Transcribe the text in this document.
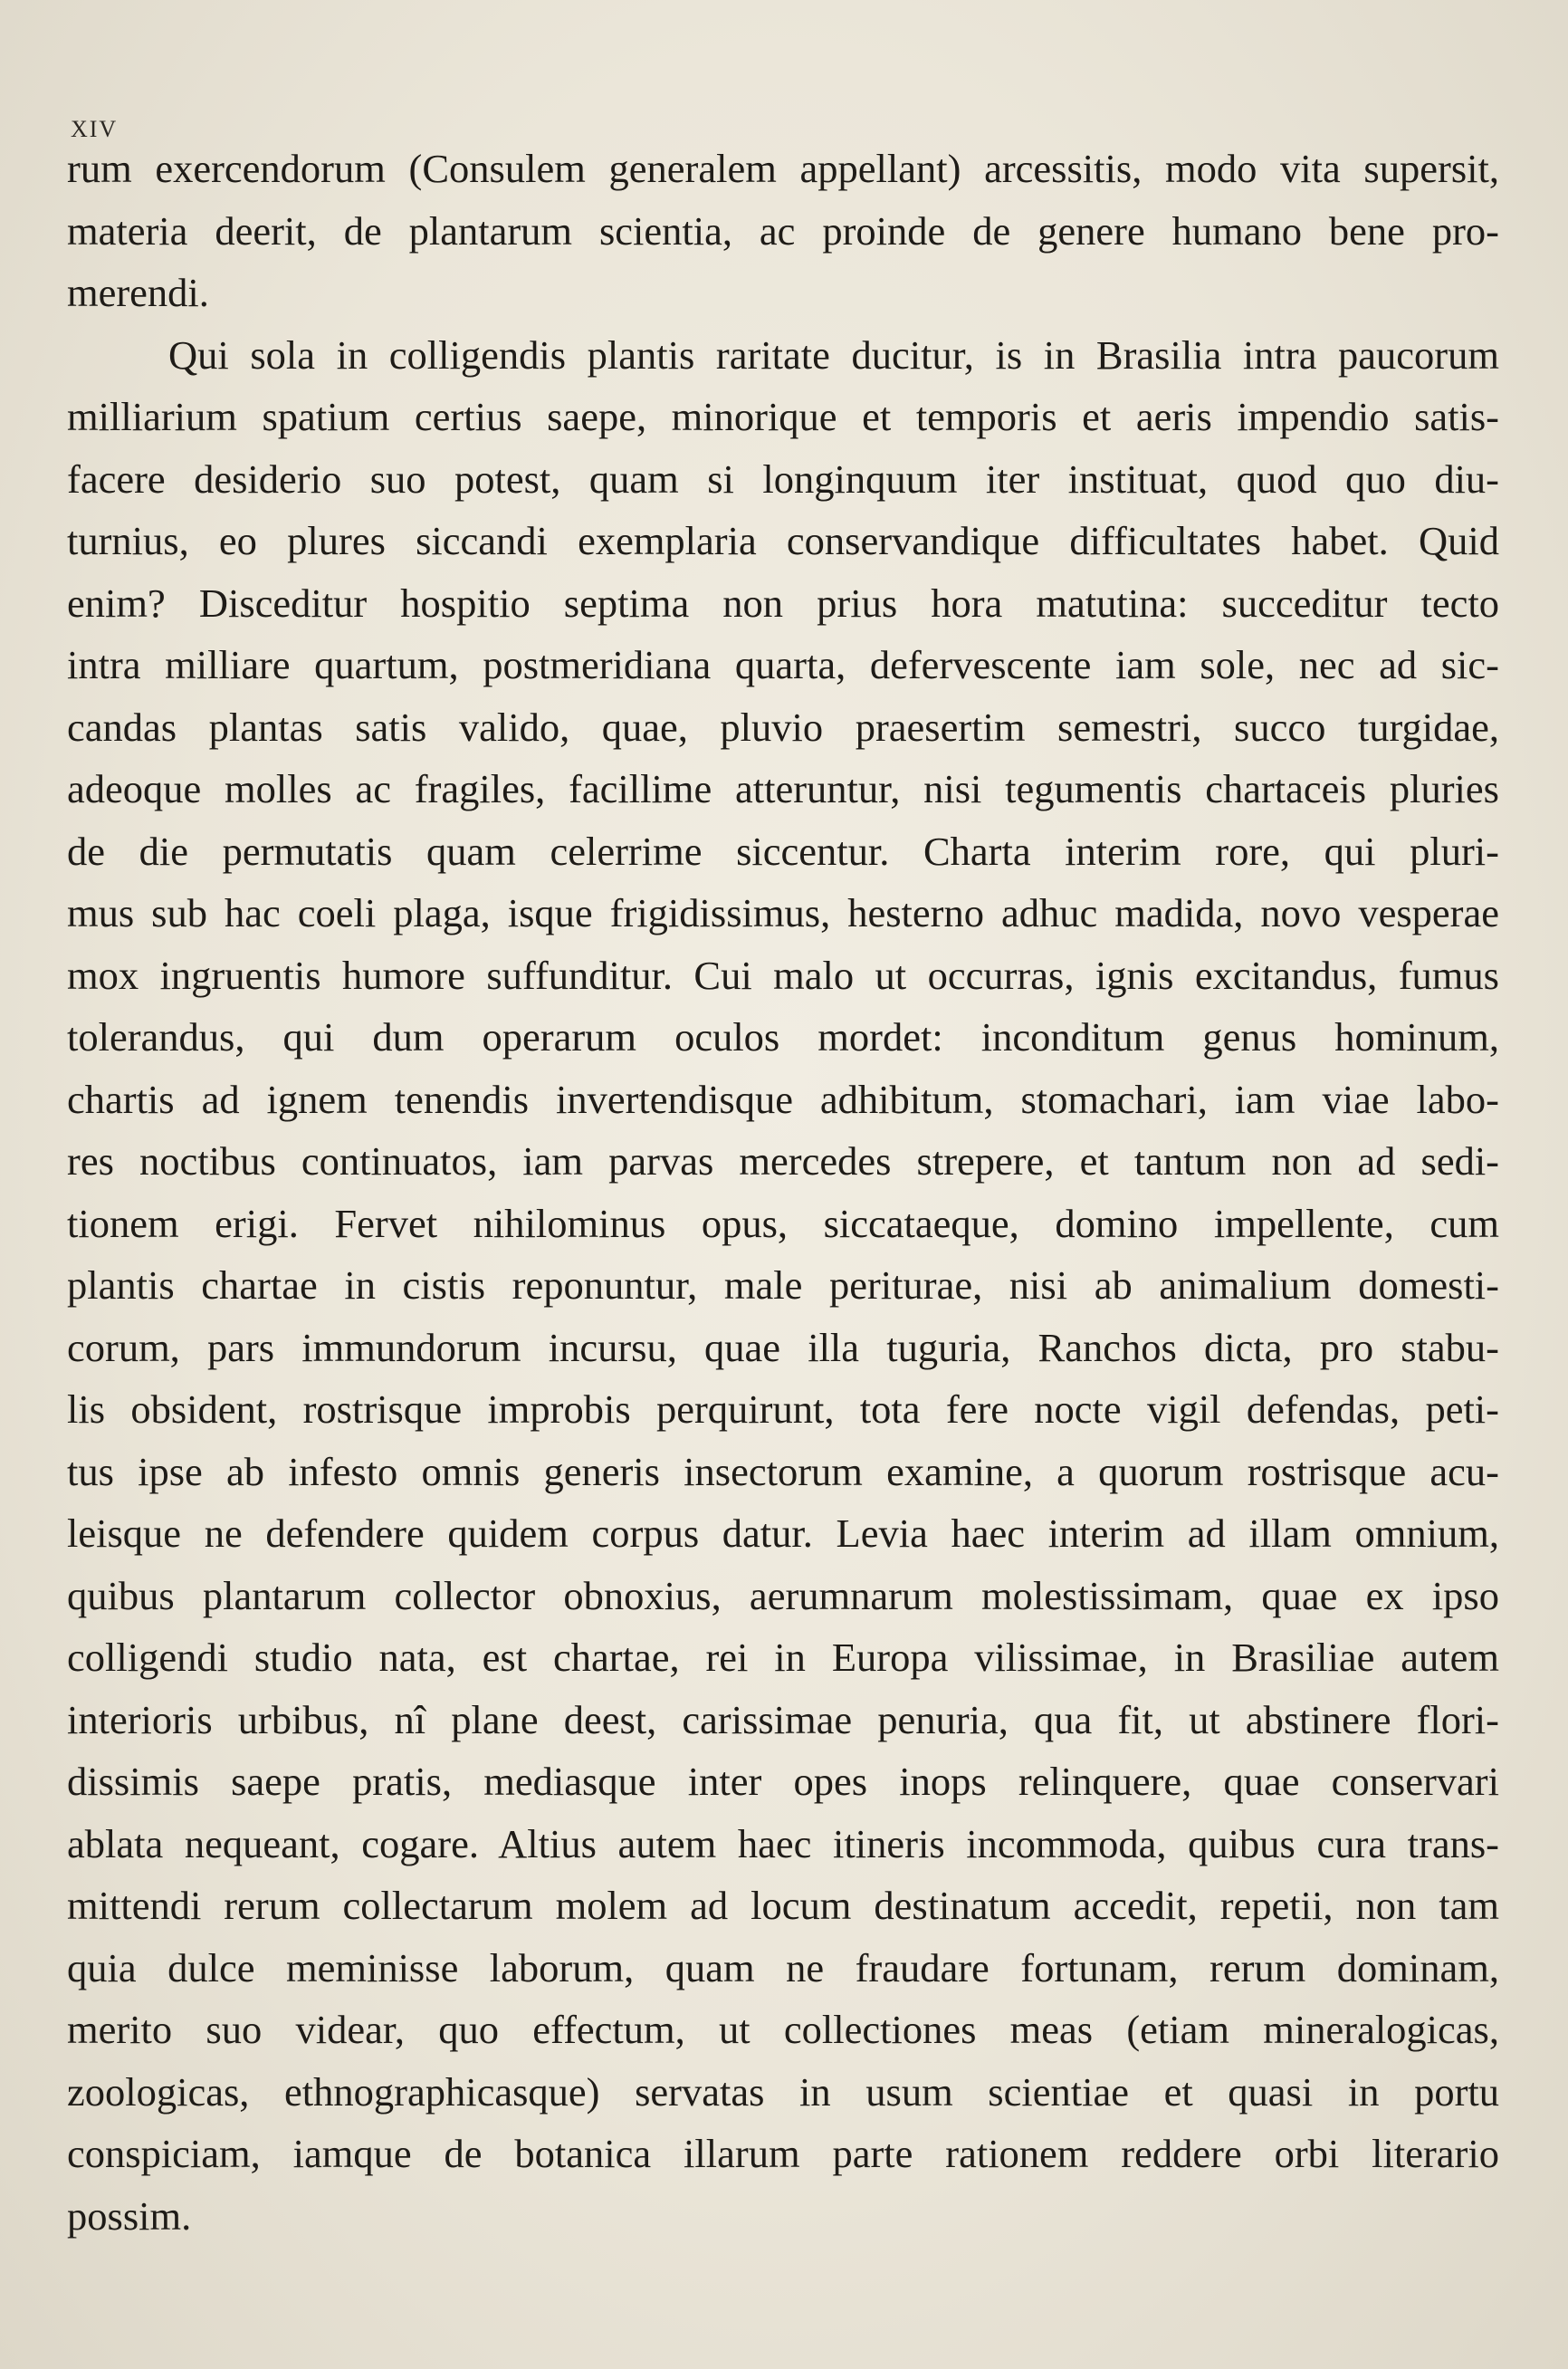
XIV
rum exercendorum (Consulem generalem appellant) arcessitis, modo vita supersit,
materia deerit, de plantarum scientia, ac proinde de genere humano bene pro-
merendi.
Qui sola in colligendis plantis raritate ducitur, is in Brasilia intra paucorum
milliarium spatium certius saepe, minorique et temporis et aeris impendio satis-
facere desiderio suo potest, quam si longinquum iter instituat, quod quo diu-
turnius, eo plures siccandi exemplaria conservandique difficultates habet. Quid
enim? Disceditur hospitio septima non prius hora matutina: succeditur tecto
intra milliare quartum, postmeridiana quarta, defervescente iam sole, nec ad sic-
candas plantas satis valido, quae, pluvio praesertim semestri, succo turgidae,
adeoque molles ac fragiles, facillime atteruntur, nisi tegumentis chartaceis pluries
de die permutatis quam celerrime siccentur. Charta interim rore, qui pluri-
mus sub hac coeli plaga, isque frigidissimus, hesterno adhuc madida, novo vesperae
mox ingruentis humore suffunditur. Cui malo ut occurras, ignis excitandus, fumus
tolerandus, qui dum operarum oculos mordet: inconditum genus hominum,
chartis ad ignem tenendis invertendisque adhibitum, stomachari, iam viae labo-
res noctibus continuatos, iam parvas mercedes strepere, et tantum non ad sedi-
tionem erigi. Fervet nihilominus opus, siccataeque, domino impellente, cum
plantis chartae in cistis reponuntur, male periturae, nisi ab animalium domesti-
corum, pars immundorum incursu, quae illa tuguria, Ranchos dicta, pro stabu-
lis obsident, rostrisque improbis perquirunt, tota fere nocte vigil defendas, peti-
tus ipse ab infesto omnis generis insectorum examine, a quorum rostrisque acu-
leisque ne defendere quidem corpus datur. Levia haec interim ad illam omnium,
quibus plantarum collector obnoxius, aerumnarum molestissimam, quae ex ipso
colligendi studio nata, est chartae, rei in Europa vilissimae, in Brasiliae autem
interioris urbibus, nî plane deest, carissimae penuria, qua fit, ut abstinere flori-
dissimis saepe pratis, mediasque inter opes inops relinquere, quae conservari
ablata nequeant, cogare. Altius autem haec itineris incommoda, quibus cura trans-
mittendi rerum collectarum molem ad locum destinatum accedit, repetii, non tam
quia dulce meminisse laborum, quam ne fraudare fortunam, rerum dominam,
merito suo videar, quo effectum, ut collectiones meas (etiam mineralogicas,
zoologicas, ethnographicasque) servatas in usum scientiae et quasi in portu
conspiciam, iamque de botanica illarum parte rationem reddere orbi literario
possim.
